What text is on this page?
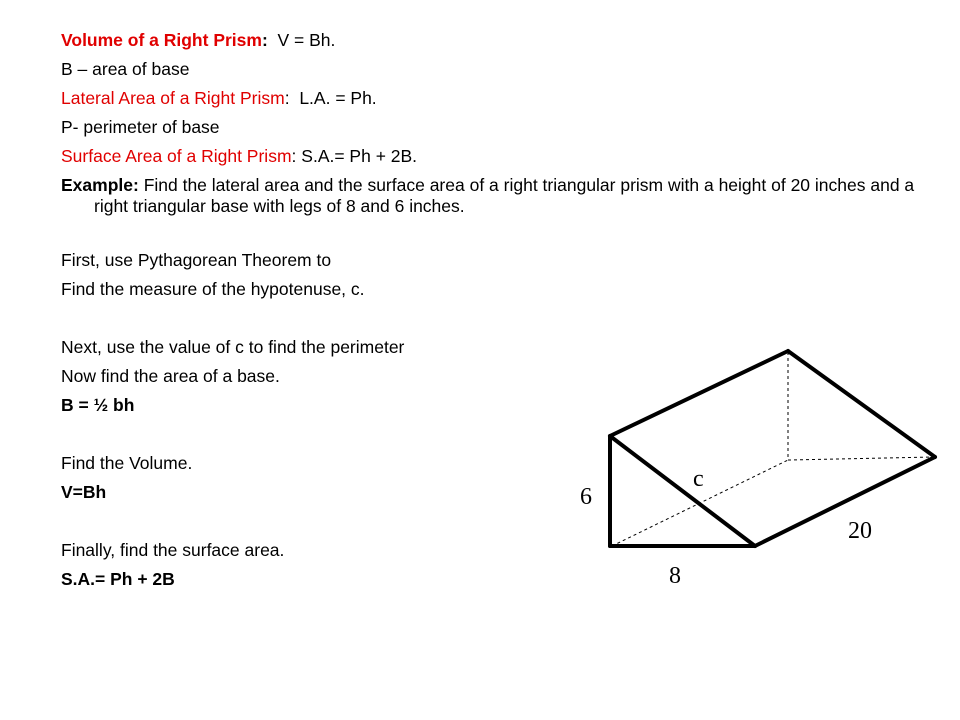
Volume of a Right Prism: V = Bh.
B – area of base
Lateral Area of a Right Prism: L.A. = Ph.
P- perimeter of base
Surface Area of a Right Prism: S.A.= Ph + 2B.
Example: Find the lateral area and the surface area of a right triangular prism with a height of 20 inches and a right triangular base with legs of 8 and 6 inches.
First, use Pythagorean Theorem to
Find the measure of the hypotenuse, c.
Next, use the value of c to find the perimeter
Now find the area of a base.
B = ½ bh
Find the Volume.
V=Bh
Finally, find the surface area.
S.A.= Ph + 2B
6
8
c
20
